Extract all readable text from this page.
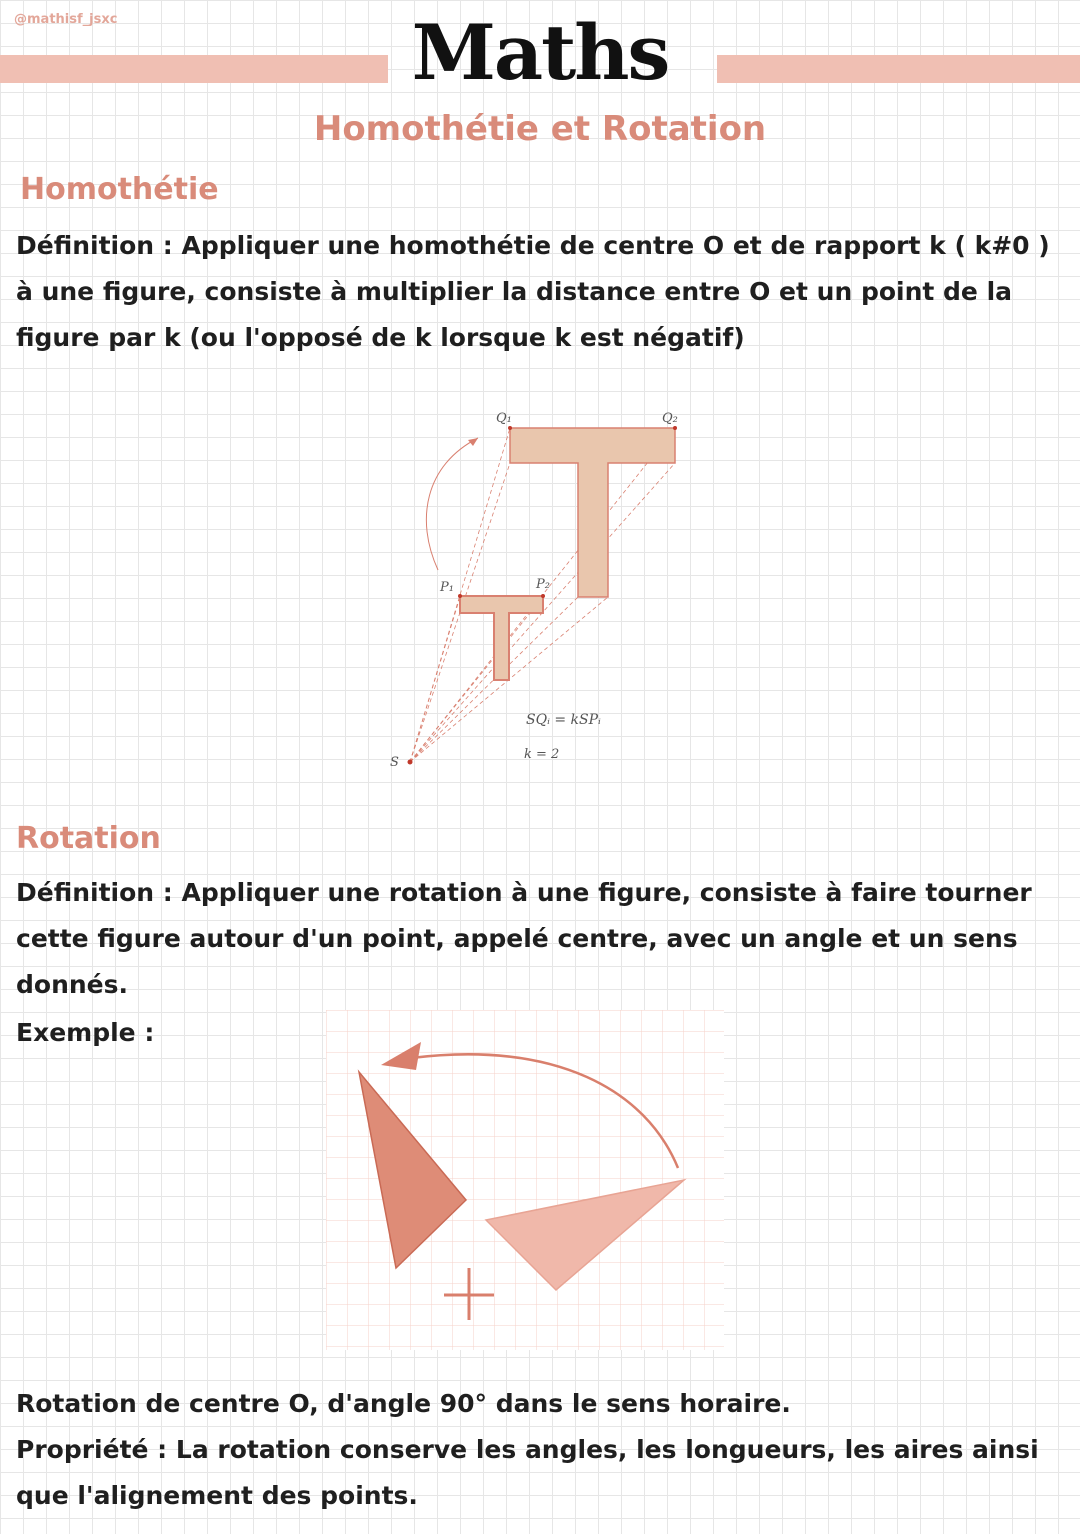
@mathisf_jsxc	Maths
Homothétie et Rotation
Homothétie
Définition : Appliquer une homothétie de centre O et de rapport k ( k#0 ) à une figure, consiste à multiplier la distance entre O et un point de la figure par k (ou l'opposé de k lorsque k est négatif)
Q₁	Q₂
P₁	P₂
S
SQᵢ = kSPᵢ
k = 2
Rotation
Définition : Appliquer une rotation à une figure, consiste à faire tourner cette figure autour d'un point, appelé centre, avec un angle et un sens donnés.
Exemple :
Rotation de centre O, d'angle 90° dans le sens horaire.
Propriété : La rotation conserve les angles, les longueurs, les aires ainsi que l'alignement des points.
